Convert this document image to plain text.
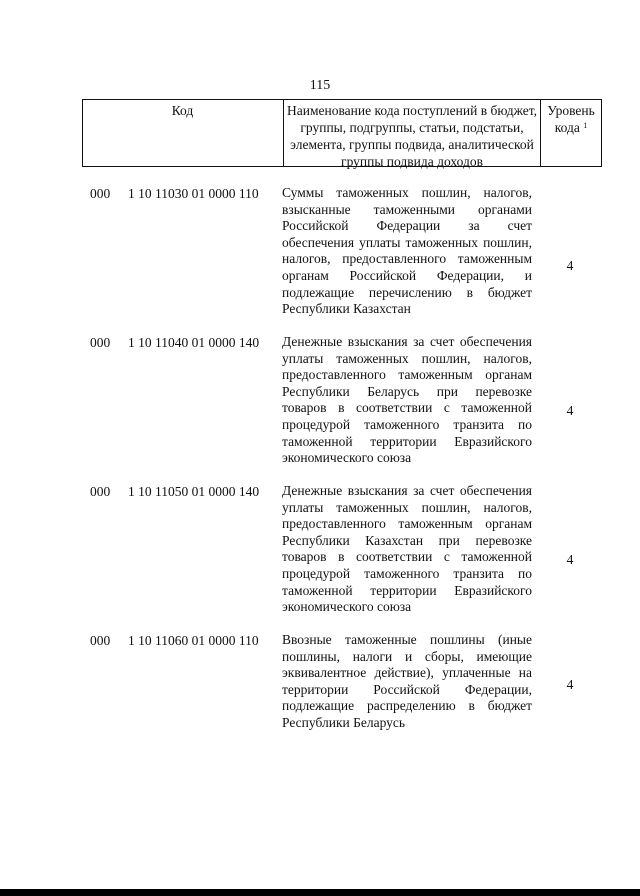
115
Код	Наименование кода поступлений в бюджет, группы, подгруппы, статьи, подстатьи, элемента, группы подвида, аналитической группы подвида доходов
Уровень кода $^1$
000 1 10 11030 01 0000 110 Суммы таможенных пошлин, налогов, взысканные таможенными органами Российской Федерации за счет обеспечения уплаты таможенных пошлин, налогов, предоставленного таможенным органам Российской Федерации, и подлежащие перечислению в бюджет Республики Казахстан
4
000 1 10 11040 01 0000 140 Денежные взыскания за счет обеспечения уплаты таможенных пошлин, налогов, предоставленного таможенным органам Республики Беларусь при перевозке товаров в соответствии с таможенной процедурой таможенного транзита по таможенной территории Евразийского экономического союза
4
000 1 10 11050 01 0000 140 Денежные взыскания за счет обеспечения уплаты таможенных пошлин, налогов, предоставленного таможенным органам Республики Казахстан при перевозке товаров в соответствии с таможенной процедурой таможенного транзита по таможенной территории Евразийского экономического союза
4
000 1 10 11060 01 0000 110 Ввозные таможенные пошлины (иные пошлины, налоги и сборы, имеющие эквивалентное действие), уплаченные на территории Российской Федерации, подлежащие распределению в бюджет Республики Беларусь
4
